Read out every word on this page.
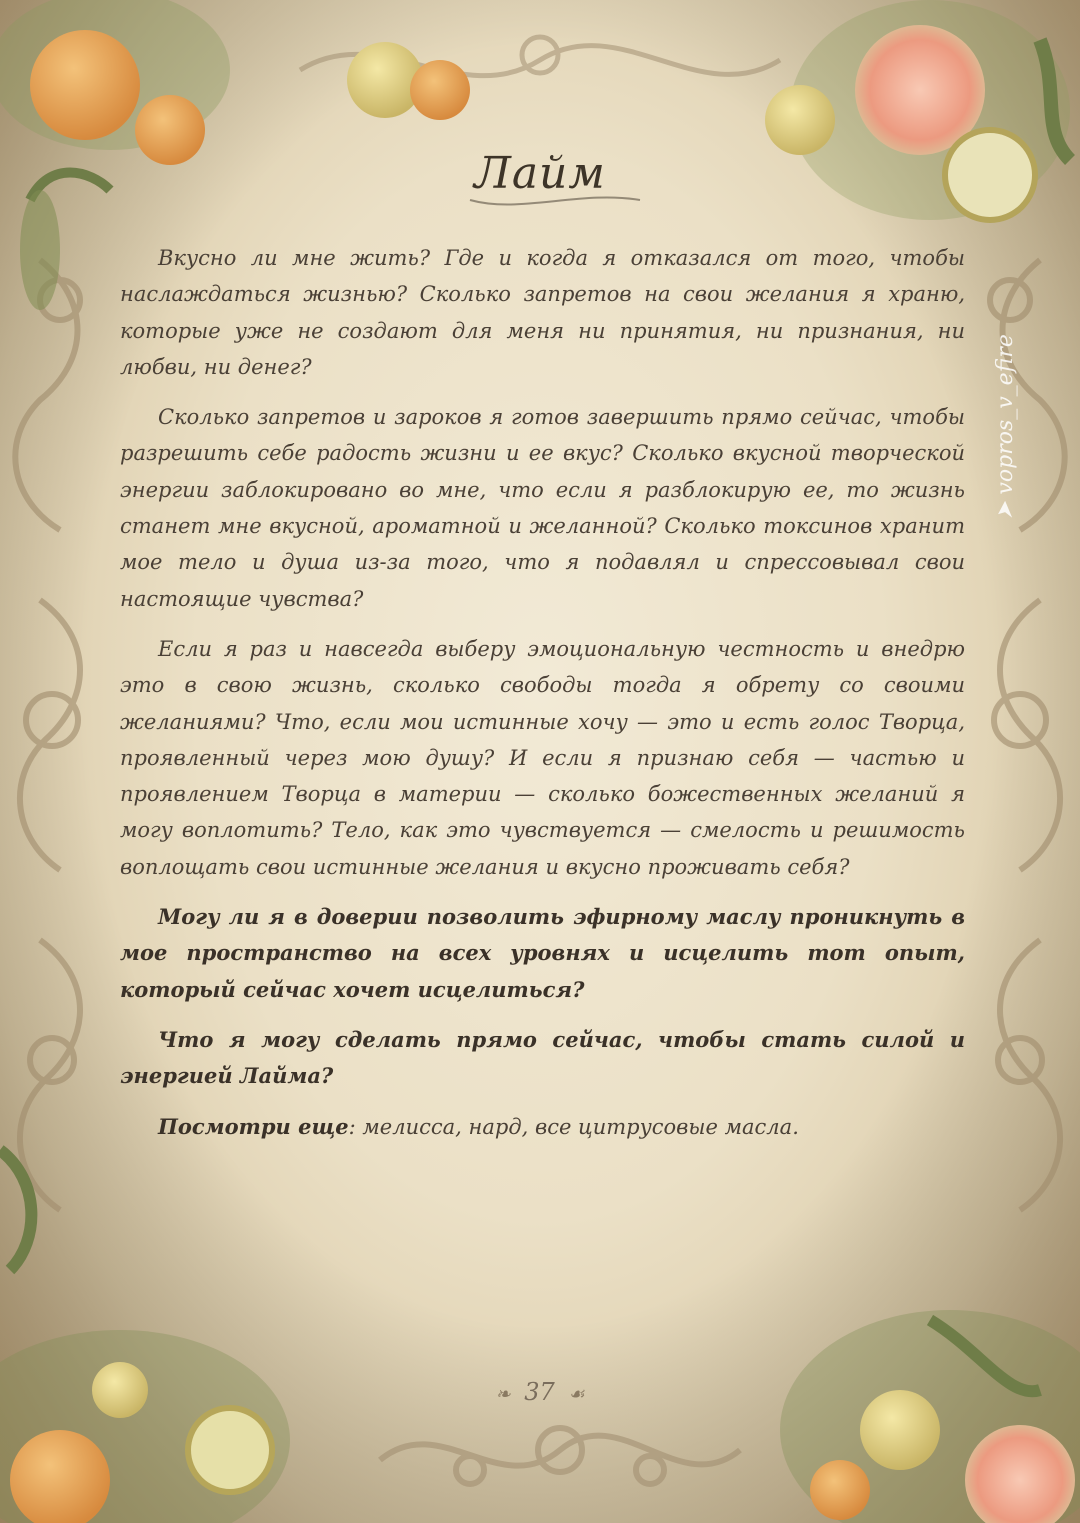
Лайм

Вкусно ли мне жить? Где и когда я отказался от того, чтобы наслаждаться жизнью? Сколько запретов на свои желания я храню, которые уже не создают для меня ни принятия, ни признания, ни любви, ни денег?

Сколько запретов и зароков я готов завершить прямо сейчас, чтобы разрешить себе радость жизни и ее вкус? Сколько вкусной творческой энергии заблокировано во мне, что если я разблокирую ее, то жизнь станет мне вкусной, ароматной и желанной? Сколько токсинов хранит мое тело и душа из-за того, что я подавлял и спрессовывал свои настоящие чувства?

Если я раз и навсегда выберу эмоциональную честность и внедрю это в свою жизнь, сколько свободы тогда я обрету со своими желаниями? Что, если мои истинные хочу — это и есть голос Творца, проявленный через мою душу? И если я признаю себя — частью и проявлением Творца в материи — сколько божественных желаний я могу воплотить? Тело, как это чувствуется — смелость и решимость воплощать свои истинные желания и вкусно проживать себя?

Могу ли я в доверии позволить эфирному маслу проникнуть в мое пространство на всех уровнях и исцелить тот опыт, который сейчас хочет исцелиться?

Что я могу сделать прямо сейчас, чтобы стать силой и энергией Лайма?

Посмотри еще: мелисса, нард, все цитрусовые масла.

❧ 37 ☙
➤ vopros_v_efire
